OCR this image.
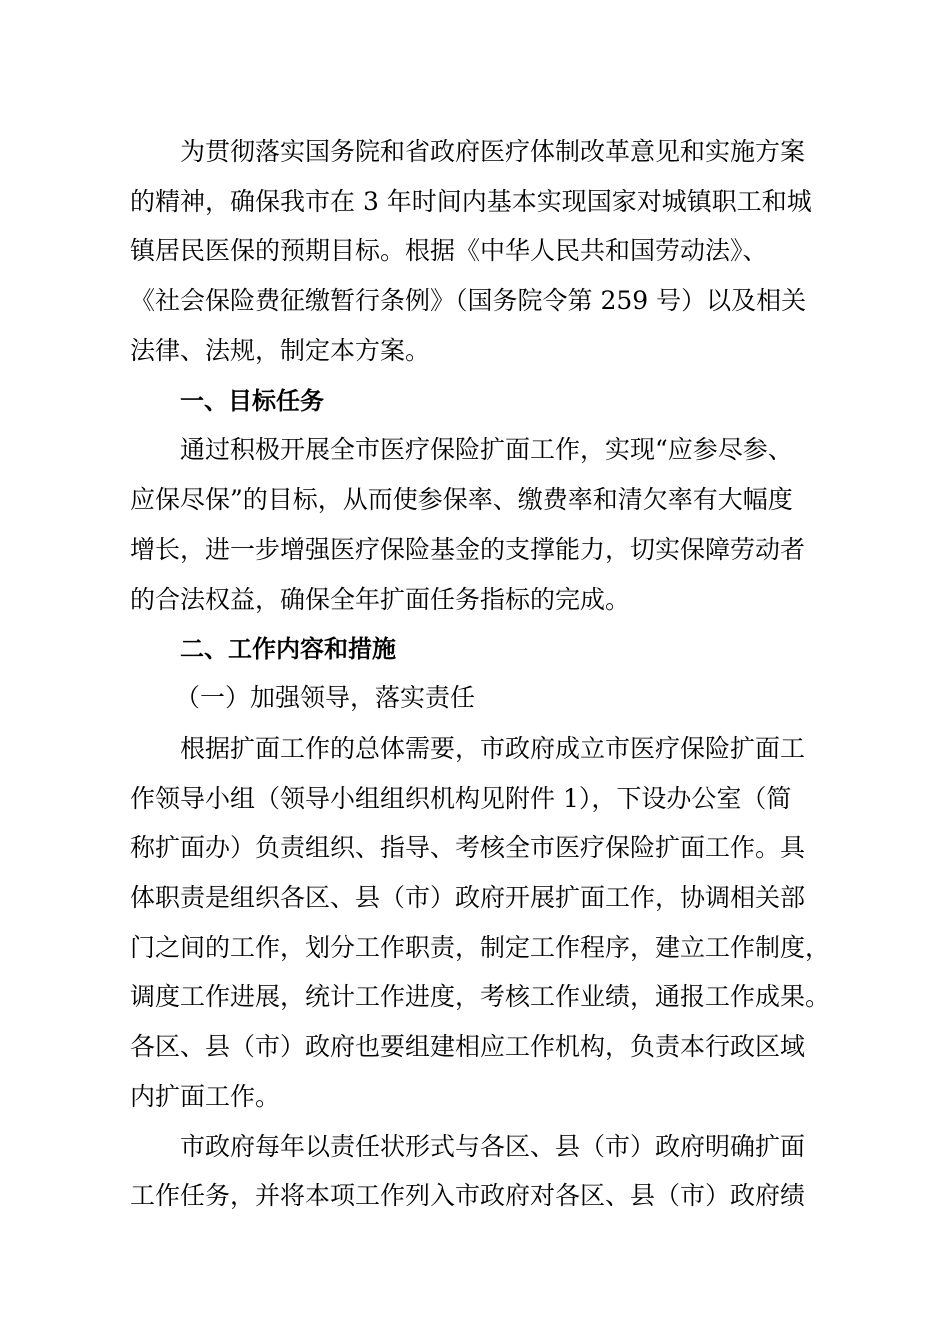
为贯彻落实国务院和省政府医疗体制改革意见和实施方案
的精神，确保我市在 3 年时间内基本实现国家对城镇职工和城
镇居民医保的预期目标。根据《中华人民共和国劳动法》、
《社会保险费征缴暂行条例》（国务院令第 259 号）以及相关
法律、法规，制定本方案。
一、目标任务
通过积极开展全市医疗保险扩面工作，实现“应参尽参、
应保尽保”的目标，从而使参保率、缴费率和清欠率有大幅度
增长，进一步增强医疗保险基金的支撑能力，切实保障劳动者
的合法权益，确保全年扩面任务指标的完成。
二、工作内容和措施
（一）加强领导，落实责任
根据扩面工作的总体需要，市政府成立市医疗保险扩面工
作领导小组（领导小组组织机构见附件 1），下设办公室（简
称扩面办）负责组织、指导、考核全市医疗保险扩面工作。具
体职责是组织各区、县（市）政府开展扩面工作，协调相关部
门之间的工作，划分工作职责，制定工作程序，建立工作制度，
调度工作进展，统计工作进度，考核工作业绩，通报工作成果。
各区、县（市）政府也要组建相应工作机构，负责本行政区域
内扩面工作。
市政府每年以责任状形式与各区、县（市）政府明确扩面
工作任务，并将本项工作列入市政府对各区、县（市）政府绩
